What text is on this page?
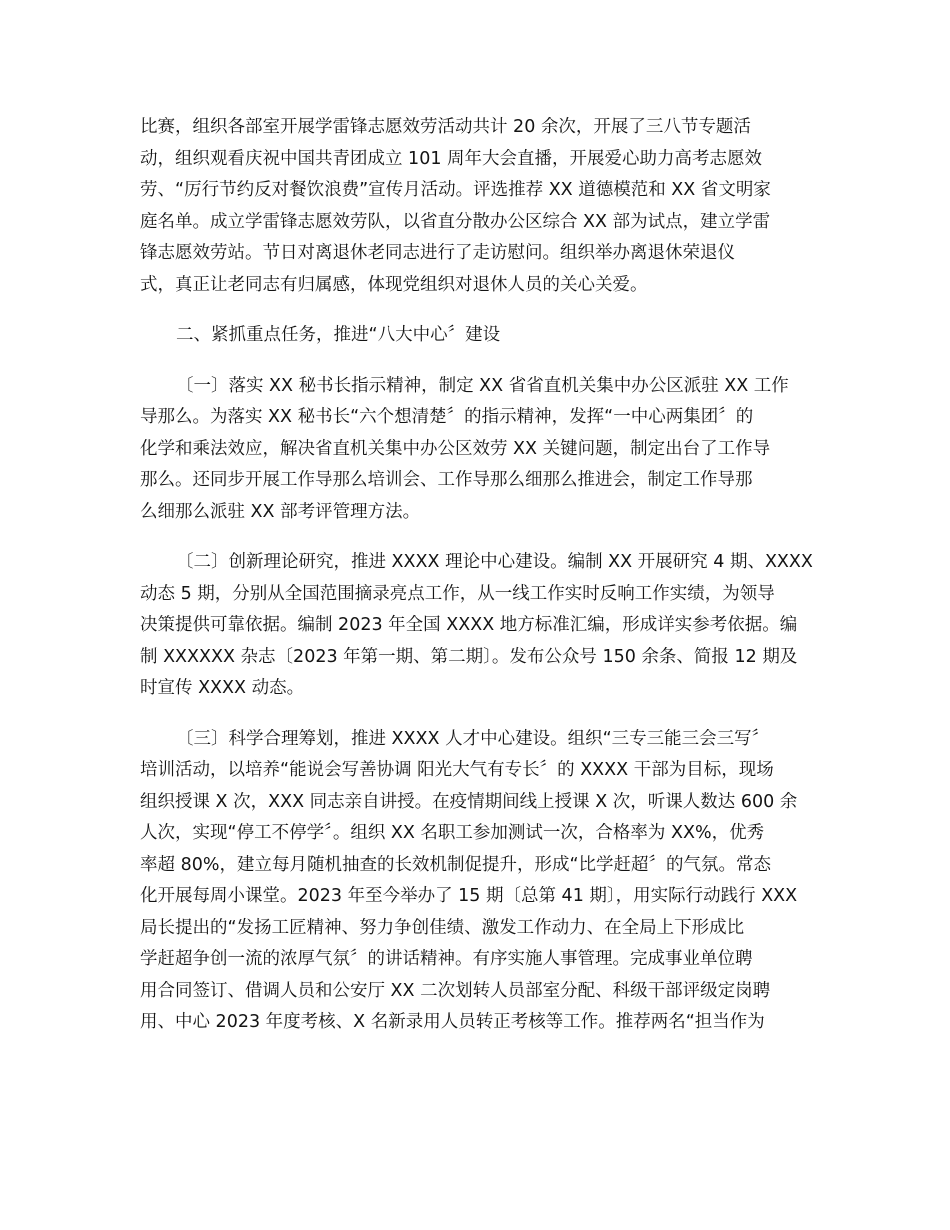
比赛，组织各部室开展学雷锋志愿效劳活动共计 20 余次，开展了三八节专题活
动，组织观看庆祝中国共青团成立 101 周年大会直播，开展爱心助力高考志愿效
劳、“厉行节约反对餐饮浪费”宣传月活动。评选推荐 XX 道德模范和 XX 省文明家
庭名单。成立学雷锋志愿效劳队，以省直分散办公区综合 XX 部为试点，建立学雷
锋志愿效劳站。节日对离退休老同志进行了走访慰问。组织举办离退休荣退仪
式，真正让老同志有归属感，体现党组织对退休人员的关心关爱。
二、紧抓重点任务，推进“八大中心〞建设
〔一〕落实 XX 秘书长指示精神，制定 XX 省省直机关集中办公区派驻 XX 工作
导那么。为落实 XX 秘书长“六个想清楚〞的指示精神，发挥“一中心两集团〞的
化学和乘法效应，解决省直机关集中办公区效劳 XX 关键问题，制定出台了工作导
那么。还同步开展工作导那么培训会、工作导那么细那么推进会，制定工作导那
么细那么派驻 XX 部考评管理方法。
〔二〕创新理论研究，推进 XXXX 理论中心建设。编制 XX 开展研究 4 期、XXXX
动态 5 期，分别从全国范围摘录亮点工作，从一线工作实时反响工作实绩，为领导
决策提供可靠依据。编制 2023 年全国 XXXX 地方标准汇编，形成详实参考依据。编
制 XXXXXX 杂志〔2023 年第一期、第二期〕。发布公众号 150 余条、简报 12 期及
时宣传 XXXX 动态。
〔三〕科学合理筹划，推进 XXXX 人才中心建设。组织“三专三能三会三写〞
培训活动，以培养“能说会写善协调 阳光大气有专长〞的 XXXX 干部为目标，现场
组织授课 X 次，XXX 同志亲自讲授。在疫情期间线上授课 X 次，听课人数达 600 余
人次，实现“停工不停学〞。组织 XX 名职工参加测试一次，合格率为 XX%，优秀
率超 80%，建立每月随机抽查的长效机制促提升，形成“比学赶超〞的气氛。常态
化开展每周小课堂。2023 年至今举办了 15 期〔总第 41 期〕，用实际行动践行 XXX
局长提出的“发扬工匠精神、努力争创佳绩、激发工作动力、在全局上下形成比
学赶超争创一流的浓厚气氛〞的讲话精神。有序实施人事管理。完成事业单位聘
用合同签订、借调人员和公安厅 XX 二次划转人员部室分配、科级干部评级定岗聘
用、中心 2023 年度考核、X 名新录用人员转正考核等工作。推荐两名“担当作为
